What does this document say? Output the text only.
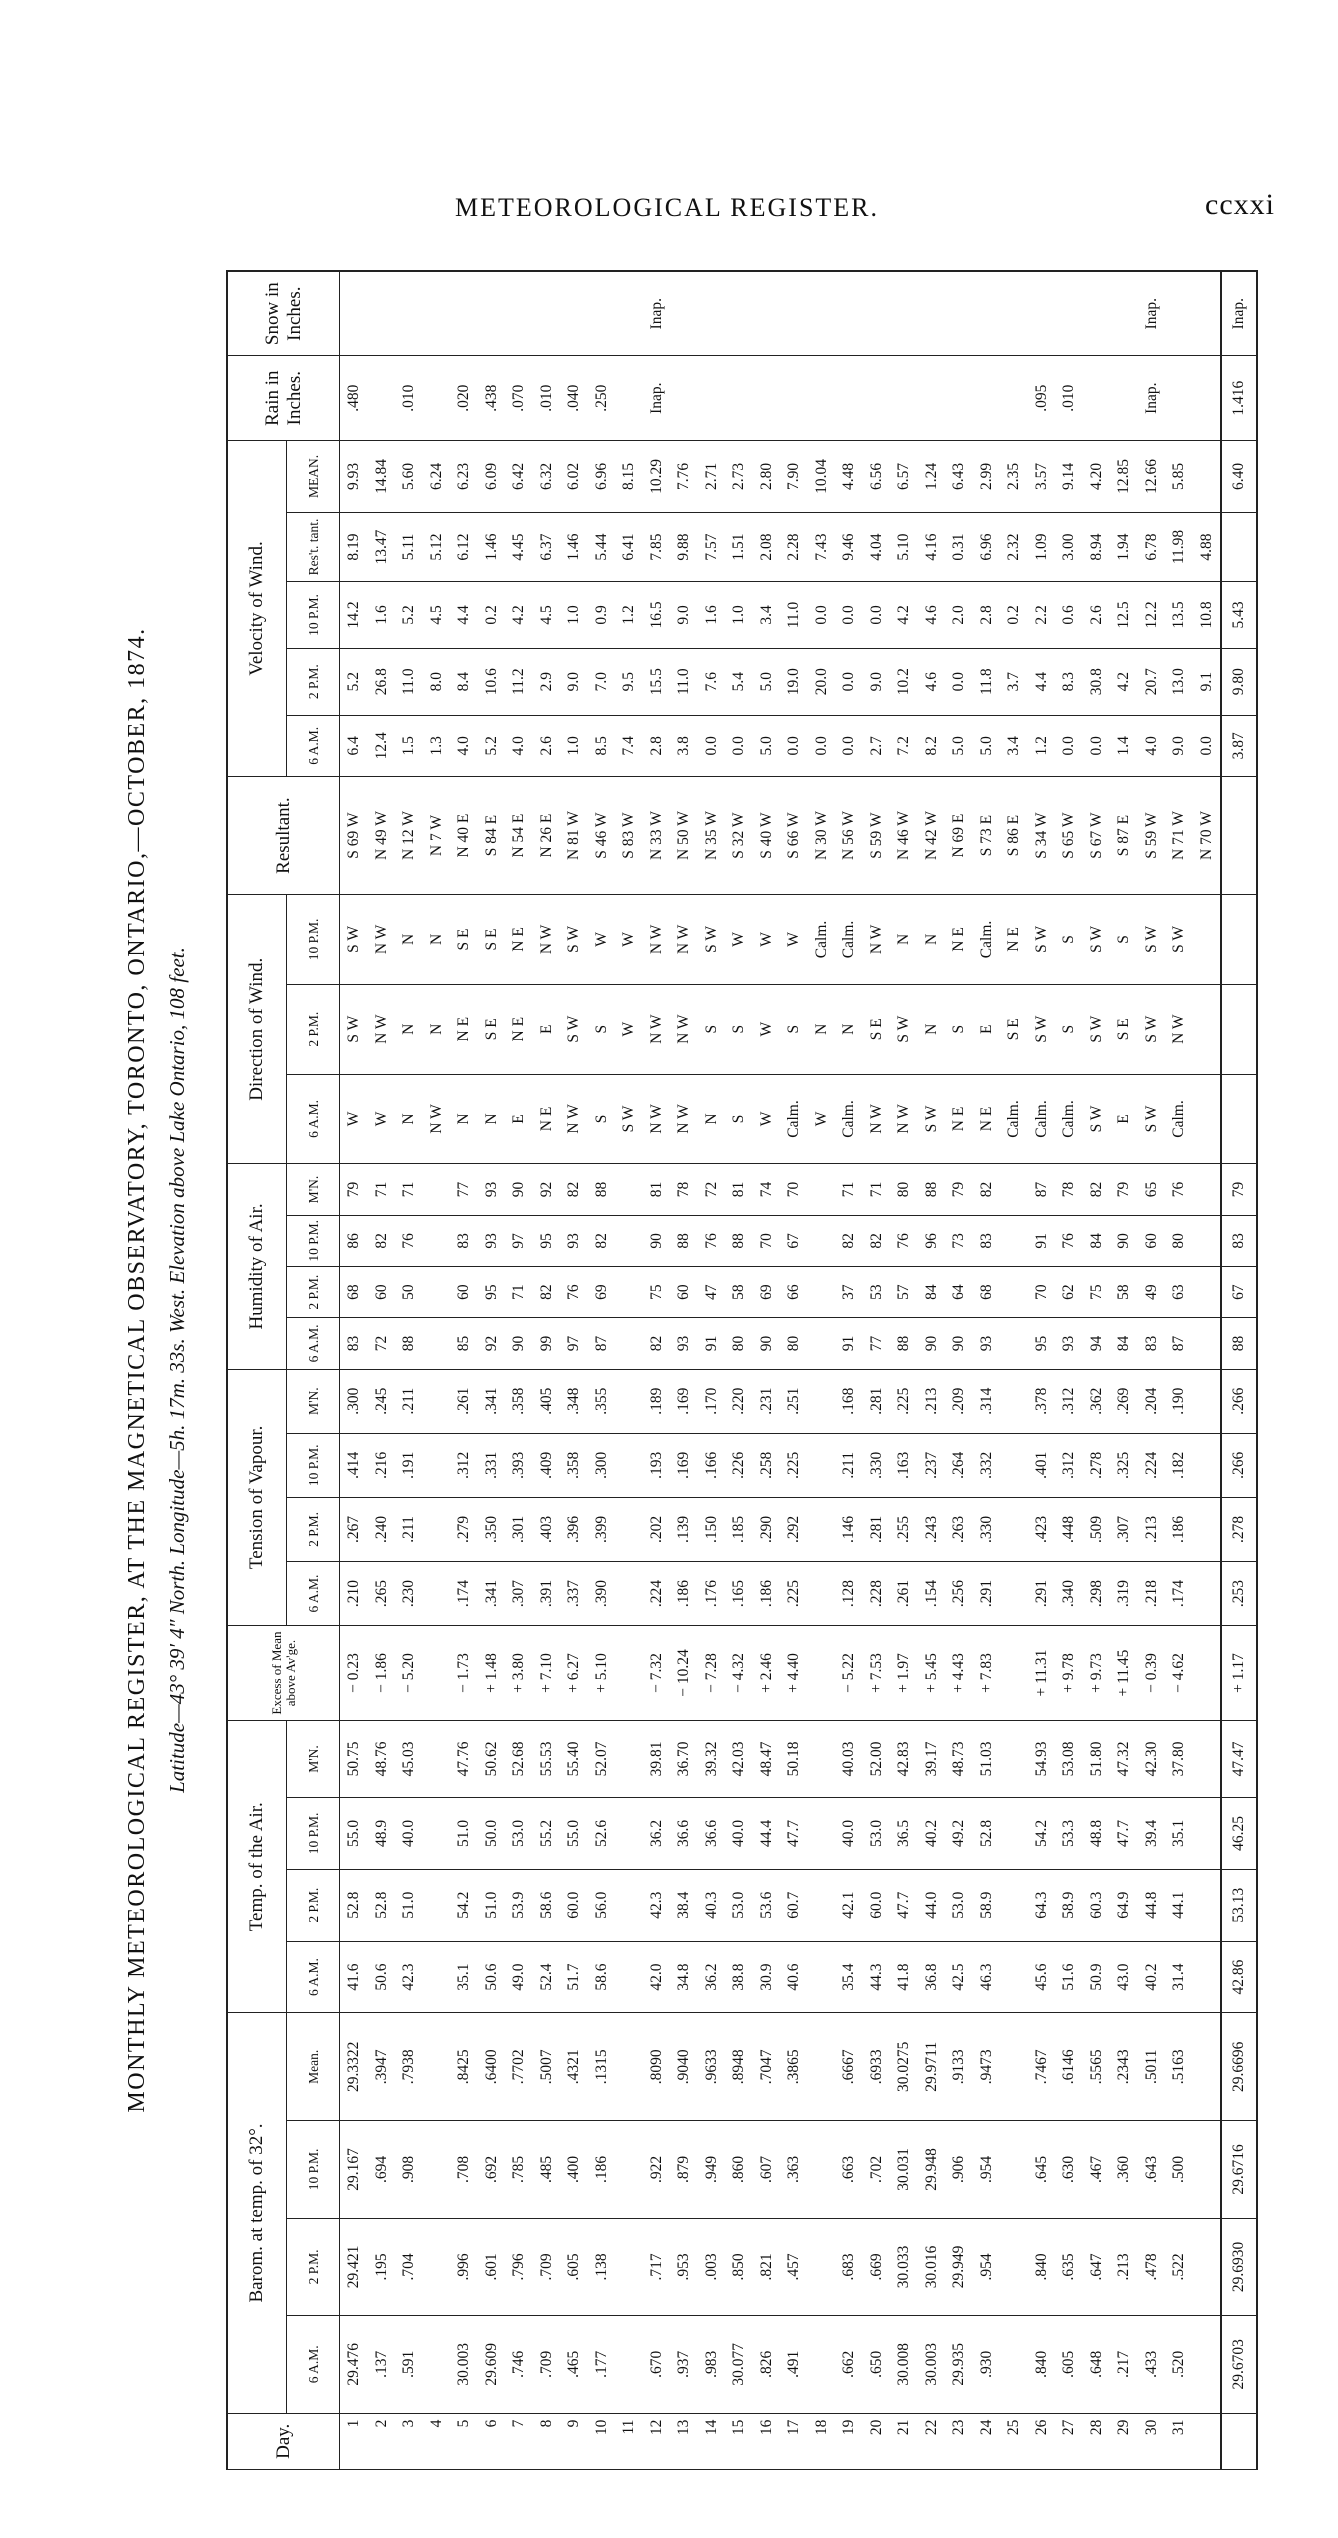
METEOROLOGICAL REGISTER.	ccxxi
MONTHLY METEOROLOGICAL REGISTER, AT THE MAGNETICAL OBSERVATORY, TORONTO, ONTARIO,—OCTOBER, 1874. Latitude—43° 39′ 4″ North. Longitude—5h. 17m. 33s. West. Elevation above Lake Ontario, 108 feet.
Day.	Barom. at temp. of 32°.				Temp. of the Air.				Excess of Mean above Av'ge.	Tension of Vapour.				Humidity of Air.				Direction of Wind.			Resultant.	Velocity of Wind.					Rain in Inches.	Snow in Inches.
	6 A.M.	2 P.M.	10 P.M.	Mean.	6 A.M.	2 P.M.	10 P.M.	M'N.		6 A.M.	2 P.M.	10 P.M.	M'N.	6 A.M.	2 P.M.	10 P.M.	M'N.	6 A.M.	2 P.M.	10 P.M.		6 A.M.	2 P.M.	10 P.M.	Res't. tant.	MEAN.		
1	29.476	29.421	29.167	29.3322	41.6	52.8	55.0	50.75	− 0.23	.210	.267	.414	.300	83	68	86	79	W	S W	S W	S 69 W	6.4	5.2	14.2	8.19	9.93	.480	
2	.137	.195	.694	.3947	50.6	52.8	48.9	48.76	− 1.86	.265	.240	.216	.245	72	60	82	71	W	N W	N W	N 49 W	12.4	26.8	1.6	13.47	14.84		
3	.591	.704	.908	.7938	42.3	51.0	40.0	45.03	− 5.20	.230	.211	.191	.211	88	50	76	71	N	N	N	N 12 W	1.5	11.0	5.2	5.11	5.60	.010	
4																		N W	N	N	N 7 W	1.3	8.0	4.5	5.12	6.24		
5	30.003	.996	.708	.8425	35.1	54.2	51.0	47.76	− 1.73	.174	.279	.312	.261	85	60	83	77	N	N E	S E	N 40 E	4.0	8.4	4.4	6.12	6.23	.020	
6	29.609	.601	.692	.6400	50.6	51.0	50.0	50.62	+ 1.48	.341	.350	.331	.341	92	95	93	93	N	S E	S E	S 84 E	5.2	10.6	0.2	1.46	6.09	.438	
7	.746	.796	.785	.7702	49.0	53.9	53.0	52.68	+ 3.80	.307	.301	.393	.358	90	71	97	90	E	N E	N E	N 54 E	4.0	11.2	4.2	4.45	6.42	.070	
8	.709	.709	.485	.5007	52.4	58.6	55.2	55.53	+ 7.10	.391	.403	.409	.405	99	82	95	92	N E	E	N W	N 26 E	2.6	2.9	4.5	6.37	6.32	.010	
9	.465	.605	.400	.4321	51.7	60.0	55.0	55.40	+ 6.27	.337	.396	.358	.348	97	76	93	82	N W	S W	S W	N 81 W	1.0	9.0	1.0	1.46	6.02	.040	
10	.177	.138	.186	.1315	58.6	56.0	52.6	52.07	+ 5.10	.390	.399	.300	.355	87	69	82	88	S	S	W	S 46 W	8.5	7.0	0.9	5.44	6.96	.250	
11																		S W	W	W	S 83 W	7.4	9.5	1.2	6.41	8.15		
12	.670	.717	.922	.8090	42.0	42.3	36.2	39.81	− 7.32	.224	.202	.193	.189	82	75	90	81	N W	N W	N W	N 33 W	2.8	15.5	16.5	7.85	10.29	Inap.	Inap.
13	.937	.953	.879	.9040	34.8	38.4	36.6	36.70	− 10.24	.186	.139	.169	.169	93	60	88	78	N W	N W	N W	N 50 W	3.8	11.0	9.0	9.88	7.76		
14	.983	.003	.949	.9633	36.2	40.3	36.6	39.32	− 7.28	.176	.150	.166	.170	91	47	76	72	N	S	S W	N 35 W	0.0	7.6	1.6	7.57	2.71		
15	30.077	.850	.860	.8948	38.8	53.0	40.0	42.03	− 4.32	.165	.185	.226	.220	80	58	88	81	S	S	W	S 32 W	0.0	5.4	1.0	1.51	2.73		
16	.826	.821	.607	.7047	30.9	53.6	44.4	48.47	+ 2.46	.186	.290	.258	.231	90	69	70	74	W	W	W	S 40 W	5.0	5.0	3.4	2.08	2.80		
17	.491	.457	.363	.3865	40.6	60.7	47.7	50.18	+ 4.40	.225	.292	.225	.251	80	66	67	70	Calm.	S	W	S 66 W	0.0	19.0	11.0	2.28	7.90		
18																		W	N	Calm.	N 30 W	0.0	20.0	0.0	7.43	10.04		
19	.662	.683	.663	.6667	35.4	42.1	40.0	40.03	− 5.22	.128	.146	.211	.168	91	37	82	71	Calm.	N	Calm.	N 56 W	0.0	0.0	0.0	9.46	4.48		
20	.650	.669	.702	.6933	44.3	60.0	53.0	52.00	+ 7.53	.228	.281	.330	.281	77	53	82	71	N W	S E	N W	S 59 W	2.7	9.0	0.0	4.04	6.56		
21	30.008	30.033	30.031	30.0275	41.8	47.7	36.5	42.83	+ 1.97	.261	.255	.163	.225	88	57	76	80	N W	S W	N	N 46 W	7.2	10.2	4.2	5.10	6.57		
22	30.003	30.016	29.948	29.9711	36.8	44.0	40.2	39.17	+ 5.45	.154	.243	.237	.213	90	84	96	88	S W	N	N	N 42 W	8.2	4.6	4.6	4.16	1.24		
23	29.935	29.949	.906	.9133	42.5	53.0	49.2	48.73	+ 4.43	.256	.263	.264	.209	90	64	73	79	N E	S	N E	N 69 E	5.0	0.0	2.0	0.31	6.43		
24	.930	.954	.954	.9473	46.3	58.9	52.8	51.03	+ 7.83	.291	.330	.332	.314	93	68	83	82	N E	E	Calm.	S 73 E	5.0	11.8	2.8	6.96	2.99		
25																		Calm.	S E	N E	S 86 E	3.4	3.7	0.2	2.32	2.35		
26	.840	.840	.645	.7467	45.6	64.3	54.2	54.93	+ 11.31	.291	.423	.401	.378	95	70	91	87	Calm.	S W	S W	S 34 W	1.2	4.4	2.2	1.09	3.57	.095	
27	.605	.635	.630	.6146	51.6	58.9	53.3	53.08	+ 9.78	.340	.448	.312	.312	93	62	76	78	Calm.	S	S	S 65 W	0.0	8.3	0.6	3.00	9.14	.010	
28	.648	.647	.467	.5565	50.9	60.3	48.8	51.80	+ 9.73	.298	.509	.278	.362	94	75	84	82	S W	S W	S W	S 67 W	0.0	30.8	2.6	8.94	4.20		
29	.217	.213	.360	.2343	43.0	64.9	47.7	47.32	+ 11.45	.319	.307	.325	.269	84	58	90	79	E	S E	S	S 87 E	1.4	4.2	12.5	1.94	12.85		
30	.433	.478	.643	.5011	40.2	44.8	39.4	42.30	− 0.39	.218	.213	.224	.204	83	49	60	65	S W	S W	S W	S 59 W	4.0	20.7	12.2	6.78	12.66	Inap.	Inap.
31	.520	.522	.500	.5163	31.4	44.1	35.1	37.80	− 4.62	.174	.186	.182	.190	87	63	80	76	Calm.	N W	S W	N 71 W	9.0	13.0	13.5	11.98	5.85		
																					N 70 W	0.0	9.1	10.8	4.88			
	29.6703	29.6930	29.6716	29.6696	42.86	53.13	46.25	47.47	+ 1.17	.253	.278	.266	.266	88	67	83	79					3.87	9.80	5.43		6.40	1.416	Inap.
